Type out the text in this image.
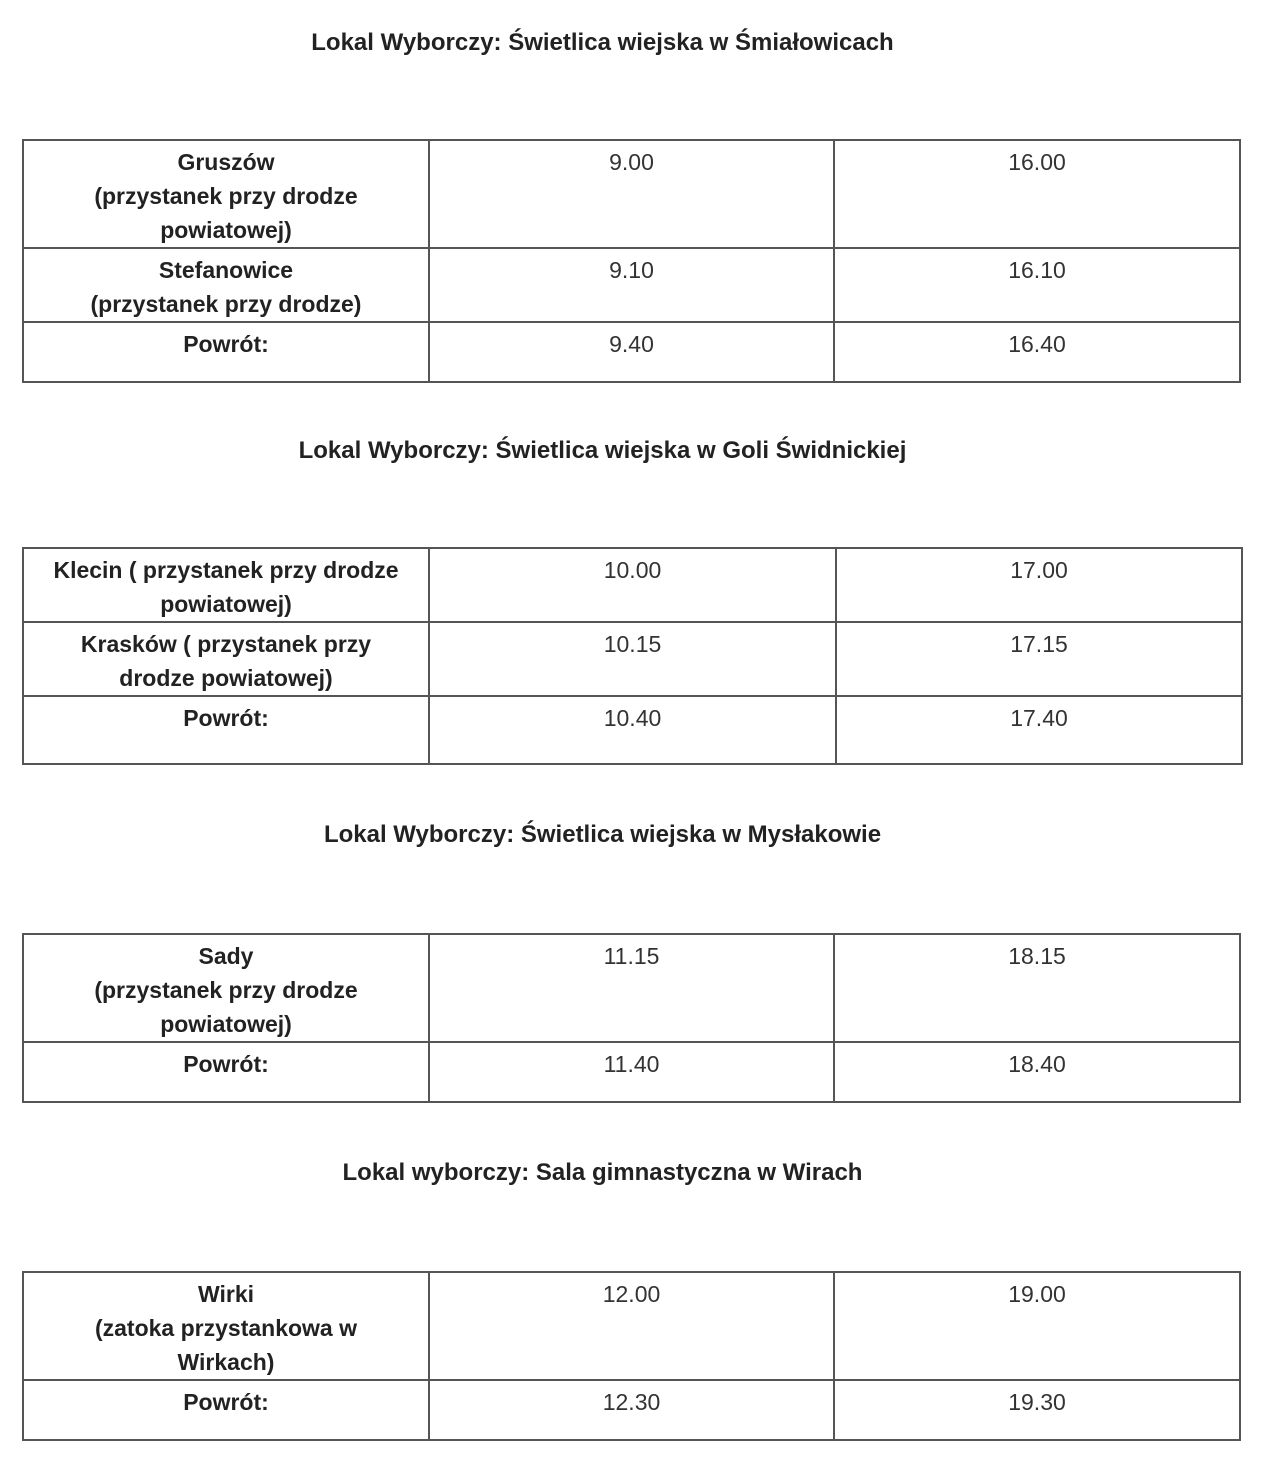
Lokal Wyborczy: Świetlica wiejska w Śmiałowicach
Gruszów
(przystanek przy drodze
powiatowej)	9.00	16.00

Stefanowice
(przystanek przy drodze)	9.10	16.10

Powrót:	9.40	16.40
Lokal Wyborczy: Świetlica wiejska w Goli Świdnickiej
Klecin ( przystanek przy drodze
powiatowej)	10.00	17.00

Krasków ( przystanek przy
drodze powiatowej)	10.15	17.15

Powrót:	10.40	17.40
Lokal Wyborczy: Świetlica wiejska w Mysłakowie
Sady
(przystanek przy drodze
powiatowej)	11.15	18.15

Powrót:	11.40	18.40
Lokal wyborczy: Sala gimnastyczna w Wirach
Wirki
(zatoka przystankowa w
Wirkach)	12.00	19.00

Powrót:	12.30	19.30
